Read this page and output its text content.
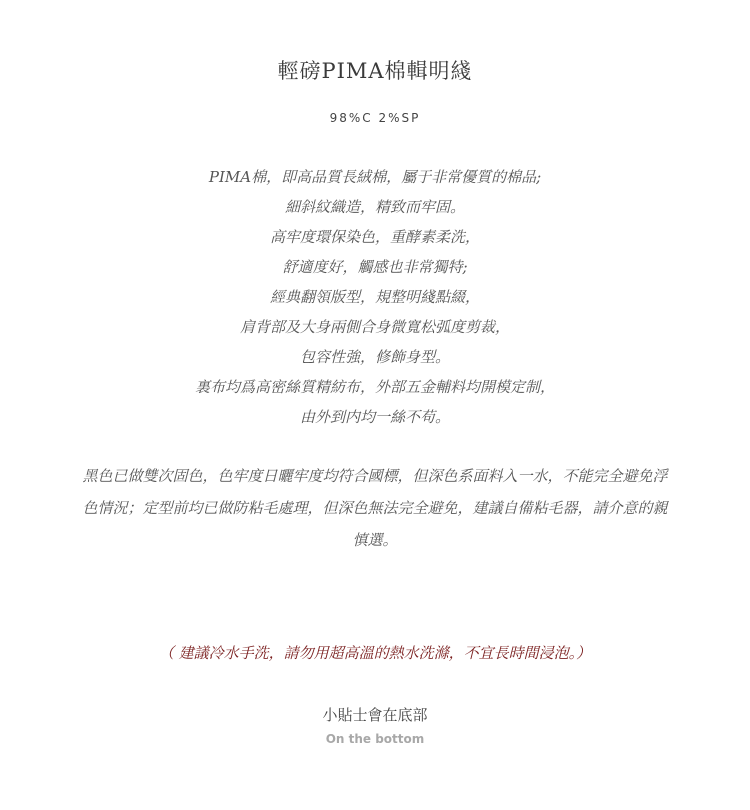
輕磅PIMA棉輯明綫
98%C 2%SP
PIMA棉，即高品質長絨棉，屬于非常優質的棉品;
細斜紋織造，精致而牢固。
高牢度環保染色，重酵素柔洗，
舒適度好，觸感也非常獨特;
經典翻領版型，規整明綫點綴，
肩背部及大身兩側合身微寬松弧度剪裁，
包容性強，修飾身型。
裏布均爲高密絲質精紡布，外部五金輔料均開模定制，
由外到内均一絲不苟。
黑色已做雙次固色，色牢度日曬牢度均符合國標，但深色系面料入一水，不能完全避免浮
色情況；定型前均已做防粘毛處理，但深色無法完全避免，建議自備粘毛器，請介意的親
慎選。
（ 建議冷水手洗，請勿用超高溫的熱水洗滌，不宜長時間浸泡。）
小貼士會在底部
On the bottom
